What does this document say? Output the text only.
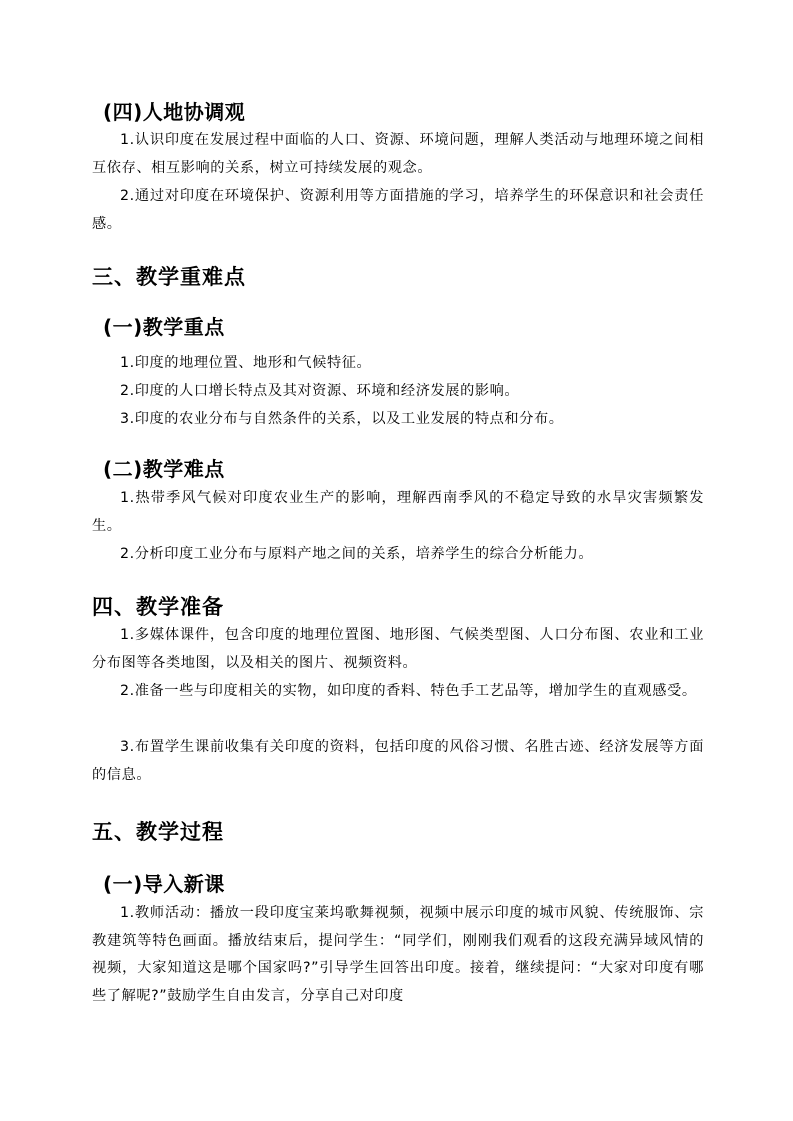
(四)人地协调观
1.认识印度在发展过程中面临的人口、资源、环境问题，理解人类活动与地理环境之间相互依存、相互影响的关系，树立可持续发展的观念。
2.通过对印度在环境保护、资源利用等方面措施的学习，培养学生的环保意识和社会责任感。
三、教学重难点
(一)教学重点
1.印度的地理位置、地形和气候特征。
2.印度的人口增长特点及其对资源、环境和经济发展的影响。
3.印度的农业分布与自然条件的关系，以及工业发展的特点和分布。
(二)教学难点
1.热带季风气候对印度农业生产的影响，理解西南季风的不稳定导致的水旱灾害频繁发生。
2.分析印度工业分布与原料产地之间的关系，培养学生的综合分析能力。
四、教学准备
1.多媒体课件，包含印度的地理位置图、地形图、气候类型图、人口分布图、农业和工业分布图等各类地图，以及相关的图片、视频资料。
2.准备一些与印度相关的实物，如印度的香料、特色手工艺品等，增加学生的直观感受。
3.布置学生课前收集有关印度的资料，包括印度的风俗习惯、名胜古迹、经济发展等方面的信息。
五、教学过程
(一)导入新课
1.教师活动：播放一段印度宝莱坞歌舞视频，视频中展示印度的城市风貌、传统服饰、宗教建筑等特色画面。播放结束后，提问学生：“同学们，刚刚我们观看的这段充满异域风情的视频，大家知道这是哪个国家吗?”引导学生回答出印度。接着，继续提问：“大家对印度有哪些了解呢?”鼓励学生自由发言，分享自己对印度
